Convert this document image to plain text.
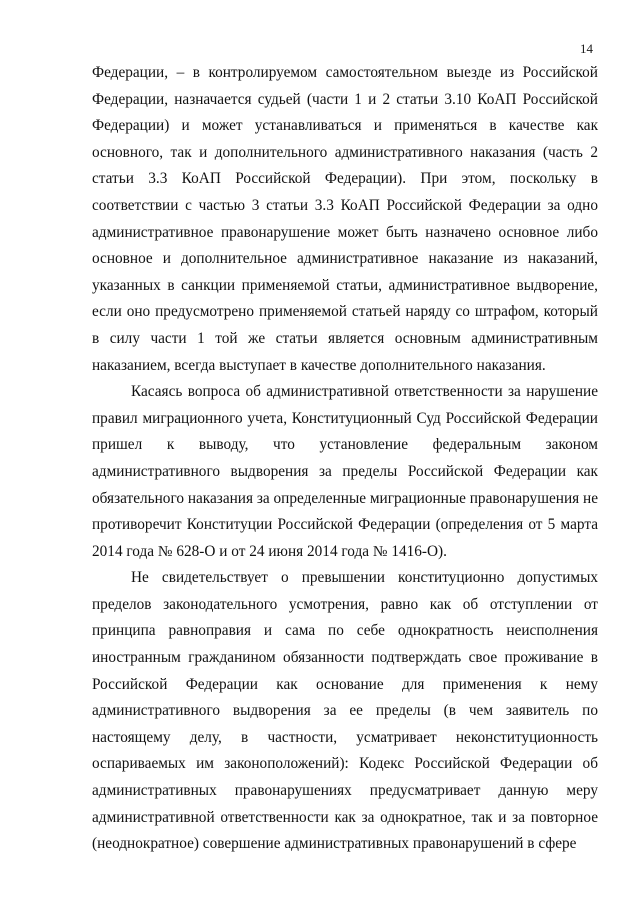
14

Федерации, – в контролируемом самостоятельном выезде из Российской Федерации, назначается судьей (части 1 и 2 статьи 3.10 КоАП Российской Федерации) и может устанавливаться и применяться в качестве как основного, так и дополнительного административного наказания (часть 2 статьи 3.3 КоАП Российской Федерации). При этом, поскольку в соответствии с частью 3 статьи 3.3 КоАП Российской Федерации за одно административное правонарушение может быть назначено основное либо основное и дополнительное административное наказание из наказаний, указанных в санкции применяемой статьи, административное выдворение, если оно предусмотрено применяемой статьей наряду со штрафом, который в силу части 1 той же статьи является основным административным наказанием, всегда выступает в качестве дополнительного наказания.

Касаясь вопроса об административной ответственности за нарушение правил миграционного учета, Конституционный Суд Российской Федерации пришел к выводу, что установление федеральным законом административного выдворения за пределы Российской Федерации как обязательного наказания за определенные миграционные правонарушения не противоречит Конституции Российской Федерации (определения от 5 марта 2014 года № 628-О и от 24 июня 2014 года № 1416-О).

Не свидетельствует о превышении конституционно допустимых пределов законодательного усмотрения, равно как об отступлении от принципа равноправия и сама по себе однократность неисполнения иностранным гражданином обязанности подтверждать свое проживание в Российской Федерации как основание для применения к нему административного выдворения за ее пределы (в чем заявитель по настоящему делу, в частности, усматривает неконституционность оспариваемых им законоположений): Кодекс Российской Федерации об административных правонарушениях предусматривает данную меру административной ответственности как за однократное, так и за повторное (неоднократное) совершение административных правонарушений в сфере
